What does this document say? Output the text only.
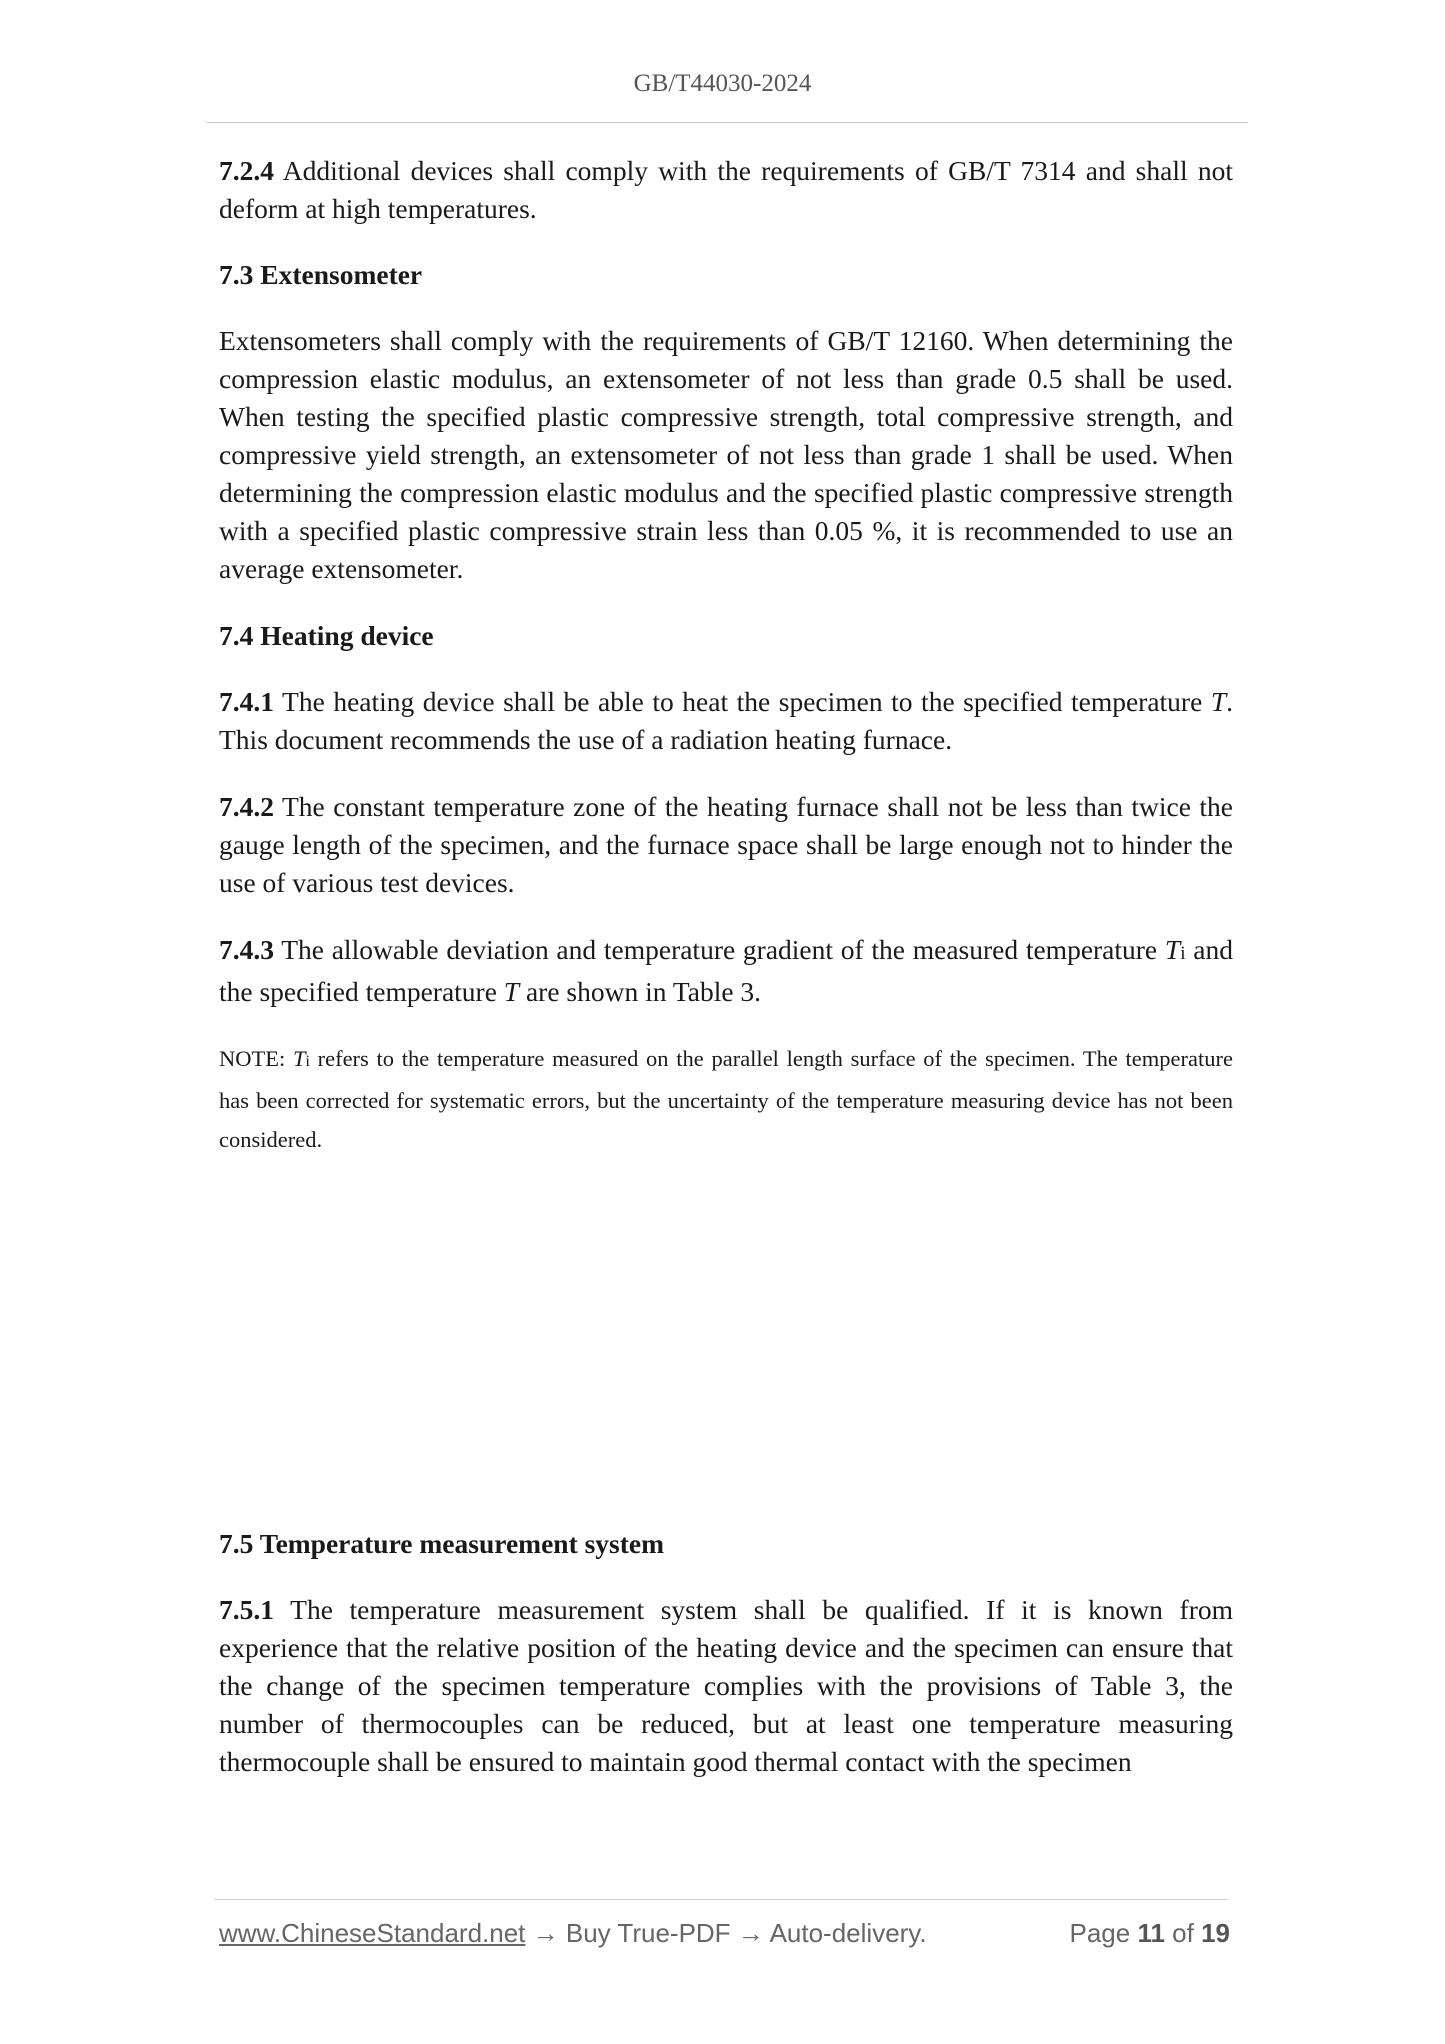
GB/T44030-2024

7.2.4 Additional devices shall comply with the requirements of GB/T 7314 and shall not deform at high temperatures.

7.3 Extensometer

Extensometers shall comply with the requirements of GB/T 12160. When determining the compression elastic modulus, an extensometer of not less than grade 0.5 shall be used. When testing the specified plastic compressive strength, total compressive strength, and compressive yield strength, an extensometer of not less than grade 1 shall be used. When determining the compression elastic modulus and the specified plastic compressive strength with a specified plastic compressive strain less than 0.05 %, it is recommended to use an average extensometer.

7.4 Heating device

7.4.1 The heating device shall be able to heat the specimen to the specified temperature T. This document recommends the use of a radiation heating furnace.

7.4.2 The constant temperature zone of the heating furnace shall not be less than twice the gauge length of the specimen, and the furnace space shall be large enough not to hinder the use of various test devices.

7.4.3 The allowable deviation and temperature gradient of the measured temperature Ti and the specified temperature T are shown in Table 3.

NOTE: Ti refers to the temperature measured on the parallel length surface of the specimen. The temperature has been corrected for systematic errors, but the uncertainty of the temperature measuring device has not been considered.

7.5 Temperature measurement system

7.5.1 The temperature measurement system shall be qualified. If it is known from experience that the relative position of the heating device and the specimen can ensure that the change of the specimen temperature complies with the provisions of Table 3, the number of thermocouples can be reduced, but at least one temperature measuring thermocouple shall be ensured to maintain good thermal contact with the specimen

www.ChineseStandard.net → Buy True-PDF → Auto-delivery.	Page 11 of 19
